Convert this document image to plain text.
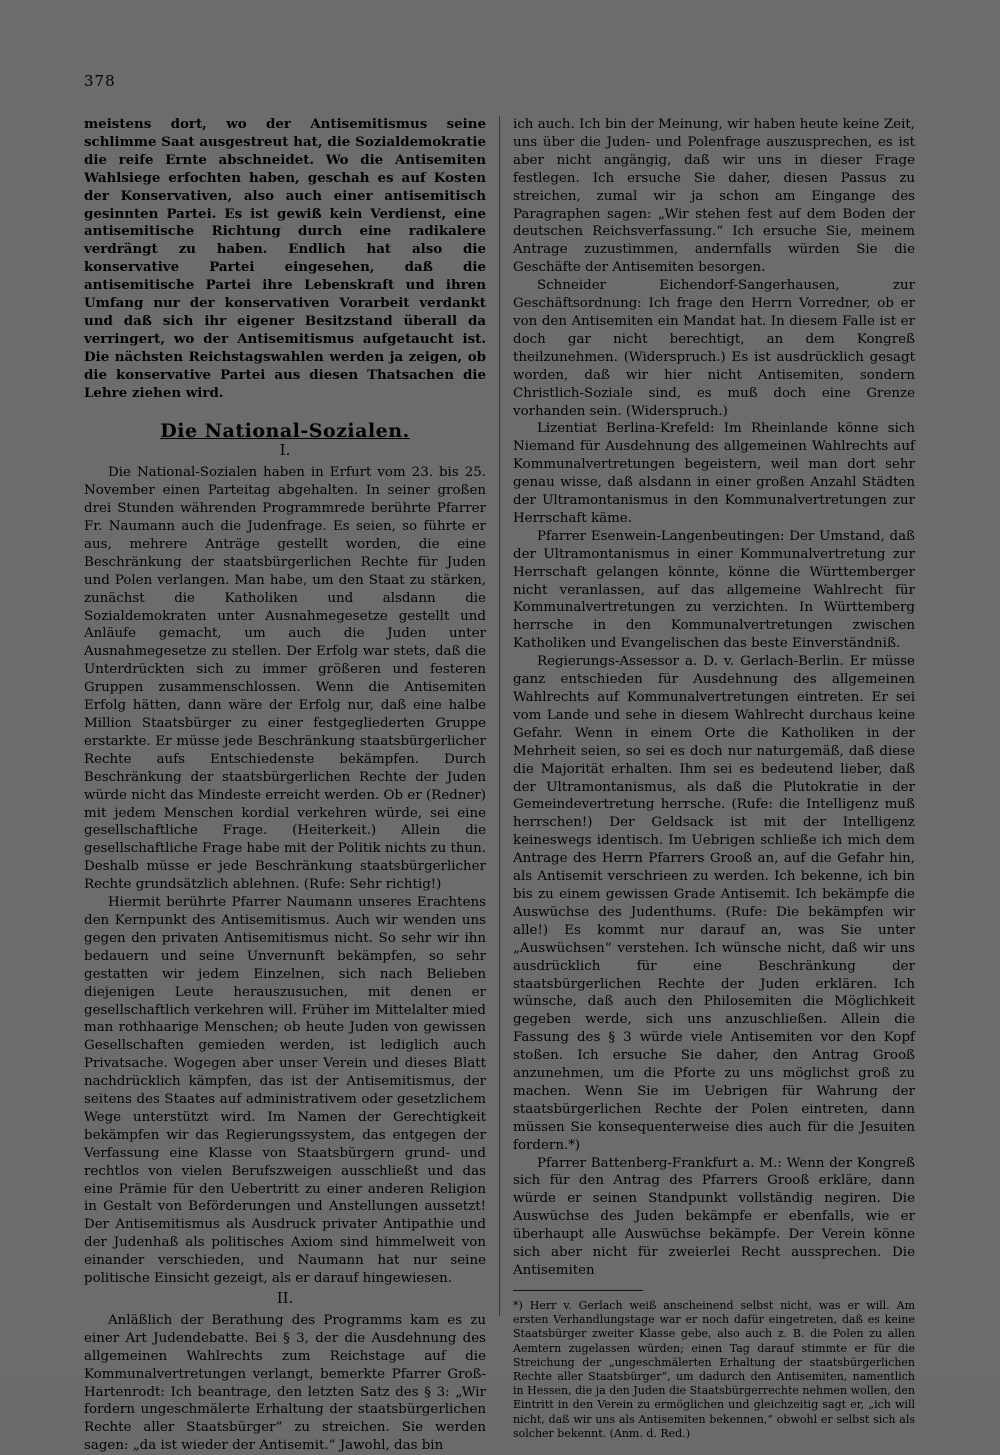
378

meistens dort, wo der Antisemitismus seine schlimme Saat ausgestreut hat, die Sozialdemokratie die reife Ernte abschneidet. Wo die Antisemiten Wahlsiege erfochten haben, geschah es auf Kosten der Konservativen, also auch einer antisemitisch gesinnten Partei. Es ist gewiß kein Verdienst, eine antisemitische Richtung durch eine radikalere verdrängt zu haben. Endlich hat also die konservative Partei eingesehen, daß die antisemitische Partei ihre Lebenskraft und ihren Umfang nur der konservativen Vorarbeit verdankt und daß sich ihr eigener Besitzstand überall da verringert, wo der Antisemitismus aufgetaucht ist. Die nächsten Reichstagswahlen werden ja zeigen, ob die konservative Partei aus diesen Thatsachen die Lehre ziehen wird.

Die National-Sozialen.
I.

Die National-Sozialen haben in Erfurt vom 23. bis 25. November einen Parteitag abgehalten. In seiner großen drei Stunden währenden Programmrede berührte Pfarrer Fr. Naumann auch die Judenfrage. Es seien, so führte er aus, mehrere Anträge gestellt worden, die eine Beschränkung der staatsbürgerlichen Rechte für Juden und Polen verlangen. Man habe, um den Staat zu stärken, zunächst die Katholiken und alsdann die Sozialdemokraten unter Ausnahmegesetze gestellt und Anläufe gemacht, um auch die Juden unter Ausnahmegesetze zu stellen. Der Erfolg war stets, daß die Unterdrückten sich zu immer größeren und festeren Gruppen zusammenschlossen. Wenn die Antisemiten Erfolg hätten, dann wäre der Erfolg nur, daß eine halbe Million Staatsbürger zu einer festgegliederten Gruppe erstarkte. Er müsse jede Beschränkung staatsbürgerlicher Rechte aufs Entschiedenste bekämpfen. Durch Beschränkung der staatsbürgerlichen Rechte der Juden würde nicht das Mindeste erreicht werden. Ob er (Redner) mit jedem Menschen kordial verkehren würde, sei eine gesellschaftliche Frage. (Heiterkeit.) Allein die gesellschaftliche Frage habe mit der Politik nichts zu thun. Deshalb müsse er jede Beschränkung staatsbürgerlicher Rechte grundsätzlich ablehnen. (Rufe: Sehr richtig!)

Hiermit berührte Pfarrer Naumann unseres Erachtens den Kernpunkt des Antisemitismus. Auch wir wenden uns gegen den privaten Antisemitismus nicht. So sehr wir ihn bedauern und seine Unvernunft bekämpfen, so sehr gestatten wir jedem Einzelnen, sich nach Belieben diejenigen Leute herauszusuchen, mit denen er gesellschaftlich verkehren will. Früher im Mittelalter mied man rothhaarige Menschen; ob heute Juden von gewissen Gesellschaften gemieden werden, ist lediglich auch Privatsache. Wogegen aber unser Verein und dieses Blatt nachdrücklich kämpfen, das ist der Antisemitismus, der seitens des Staates auf administrativem oder gesetzlichem Wege unterstützt wird. Im Namen der Gerechtigkeit bekämpfen wir das Regierungssystem, das entgegen der Verfassung eine Klasse von Staatsbürgern grund- und rechtlos von vielen Berufszweigen ausschließt und das eine Prämie für den Uebertritt zu einer anderen Religion in Gestalt von Beförderungen und Anstellungen aussetzt! Der Antisemitismus als Ausdruck privater Antipathie und der Judenhaß als politisches Axiom sind himmelweit von einander verschieden, und Naumann hat nur seine politische Einsicht gezeigt, als er darauf hingewiesen.

II.

Anläßlich der Berathung des Programms kam es zu einer Art Judendebatte. Bei § 3, der die Ausdehnung des allgemeinen Wahlrechts zum Reichstage auf die Kommunalvertretungen verlangt, bemerkte Pfarrer Groß-Hartenrodt: Ich beantrage, den letzten Satz des § 3: „Wir fordern ungeschmälerte Erhaltung der staatsbürgerlichen Rechte aller Staatsbürger“ zu streichen. Sie werden sagen: „da ist wieder der Antisemit.“ Jawohl, das bin

ich auch. Ich bin der Meinung, wir haben heute keine Zeit, uns über die Juden- und Polenfrage auszusprechen, es ist aber nicht angängig, daß wir uns in dieser Frage festlegen. Ich ersuche Sie daher, diesen Passus zu streichen, zumal wir ja schon am Eingange des Paragraphen sagen: „Wir stehen fest auf dem Boden der deutschen Reichsverfassung.“ Ich ersuche Sie, meinem Antrage zuzustimmen, andernfalls würden Sie die Geschäfte der Antisemiten besorgen.

Schneider Eichendorf-Sangerhausen, zur Geschäftsordnung: Ich frage den Herrn Vorredner, ob er von den Antisemiten ein Mandat hat. In diesem Falle ist er doch gar nicht berechtigt, an dem Kongreß theilzunehmen. (Widerspruch.) Es ist ausdrücklich gesagt worden, daß wir hier nicht Antisemiten, sondern Christlich-Soziale sind, es muß doch eine Grenze vorhanden sein. (Widerspruch.)

Lizentiat Berlina-Krefeld: Im Rheinlande könne sich Niemand für Ausdehnung des allgemeinen Wahlrechts auf Kommunalvertretungen begeistern, weil man dort sehr genau wisse, daß alsdann in einer großen Anzahl Städten der Ultramontanismus in den Kommunalvertretungen zur Herrschaft käme.

Pfarrer Esenwein-Langenbeutingen: Der Umstand, daß der Ultramontanismus in einer Kommunalvertretung zur Herrschaft gelangen könnte, könne die Württemberger nicht veranlassen, auf das allgemeine Wahlrecht für Kommunalvertretungen zu verzichten. In Württemberg herrsche in den Kommunalvertretungen zwischen Katholiken und Evangelischen das beste Einverständniß.

Regierungs-Assessor a. D. v. Gerlach-Berlin. Er müsse ganz entschieden für Ausdehnung des allgemeinen Wahlrechts auf Kommunalvertretungen eintreten. Er sei vom Lande und sehe in diesem Wahlrecht durchaus keine Gefahr. Wenn in einem Orte die Katholiken in der Mehrheit seien, so sei es doch nur naturgemäß, daß diese die Majorität erhalten. Ihm sei es bedeutend lieber, daß der Ultramontanismus, als daß die Plutokratie in der Gemeindevertretung herrsche. (Rufe: die Intelligenz muß herrschen!) Der Geldsack ist mit der Intelligenz keineswegs identisch. Im Uebrigen schließe ich mich dem Antrage des Herrn Pfarrers Grooß an, auf die Gefahr hin, als Antisemit verschrieen zu werden. Ich bekenne, ich bin bis zu einem gewissen Grade Antisemit. Ich bekämpfe die Auswüchse des Judenthums. (Rufe: Die bekämpfen wir alle!) Es kommt nur darauf an, was Sie unter „Auswüchsen“ verstehen. Ich wünsche nicht, daß wir uns ausdrücklich für eine Beschränkung der staatsbürgerlichen Rechte der Juden erklären. Ich wünsche, daß auch den Philosemiten die Möglichkeit gegeben werde, sich uns anzuschließen. Allein die Fassung des § 3 würde viele Antisemiten vor den Kopf stoßen. Ich ersuche Sie daher, den Antrag Grooß anzunehmen, um die Pforte zu uns möglichst groß zu machen. Wenn Sie im Uebrigen für Wahrung der staatsbürgerlichen Rechte der Polen eintreten, dann müssen Sie konsequenterweise dies auch für die Jesuiten fordern.*)

Pfarrer Battenberg-Frankfurt a. M.: Wenn der Kongreß sich für den Antrag des Pfarrers Grooß erkläre, dann würde er seinen Standpunkt vollständig negiren. Die Auswüchse des Juden bekämpfe er ebenfalls, wie er überhaupt alle Auswüchse bekämpfe. Der Verein könne sich aber nicht für zweierlei Recht aussprechen. Die Antisemiten

*) Herr v. Gerlach weiß anscheinend selbst nicht, was er will. Am ersten Verhandlungstage war er noch dafür eingetreten, daß es keine Staatsbürger zweiter Klasse gebe, also auch z. B. die Polen zu allen Aemtern zugelassen würden; einen Tag darauf stimmte er für die Streichung der „ungeschmälerten Erhaltung der staatsbürgerlichen Rechte aller Staatsbürger“, um dadurch den Antisemiten, namentlich in Hessen, die ja den Juden die Staatsbürgerrechte nehmen wollen, den Eintritt in den Verein zu ermöglichen und gleichzeitig sagt er, „ich will nicht, daß wir uns als Antisemiten bekennen,“ obwohl er selbst sich als solcher bekennt. (Anm. d. Red.)
